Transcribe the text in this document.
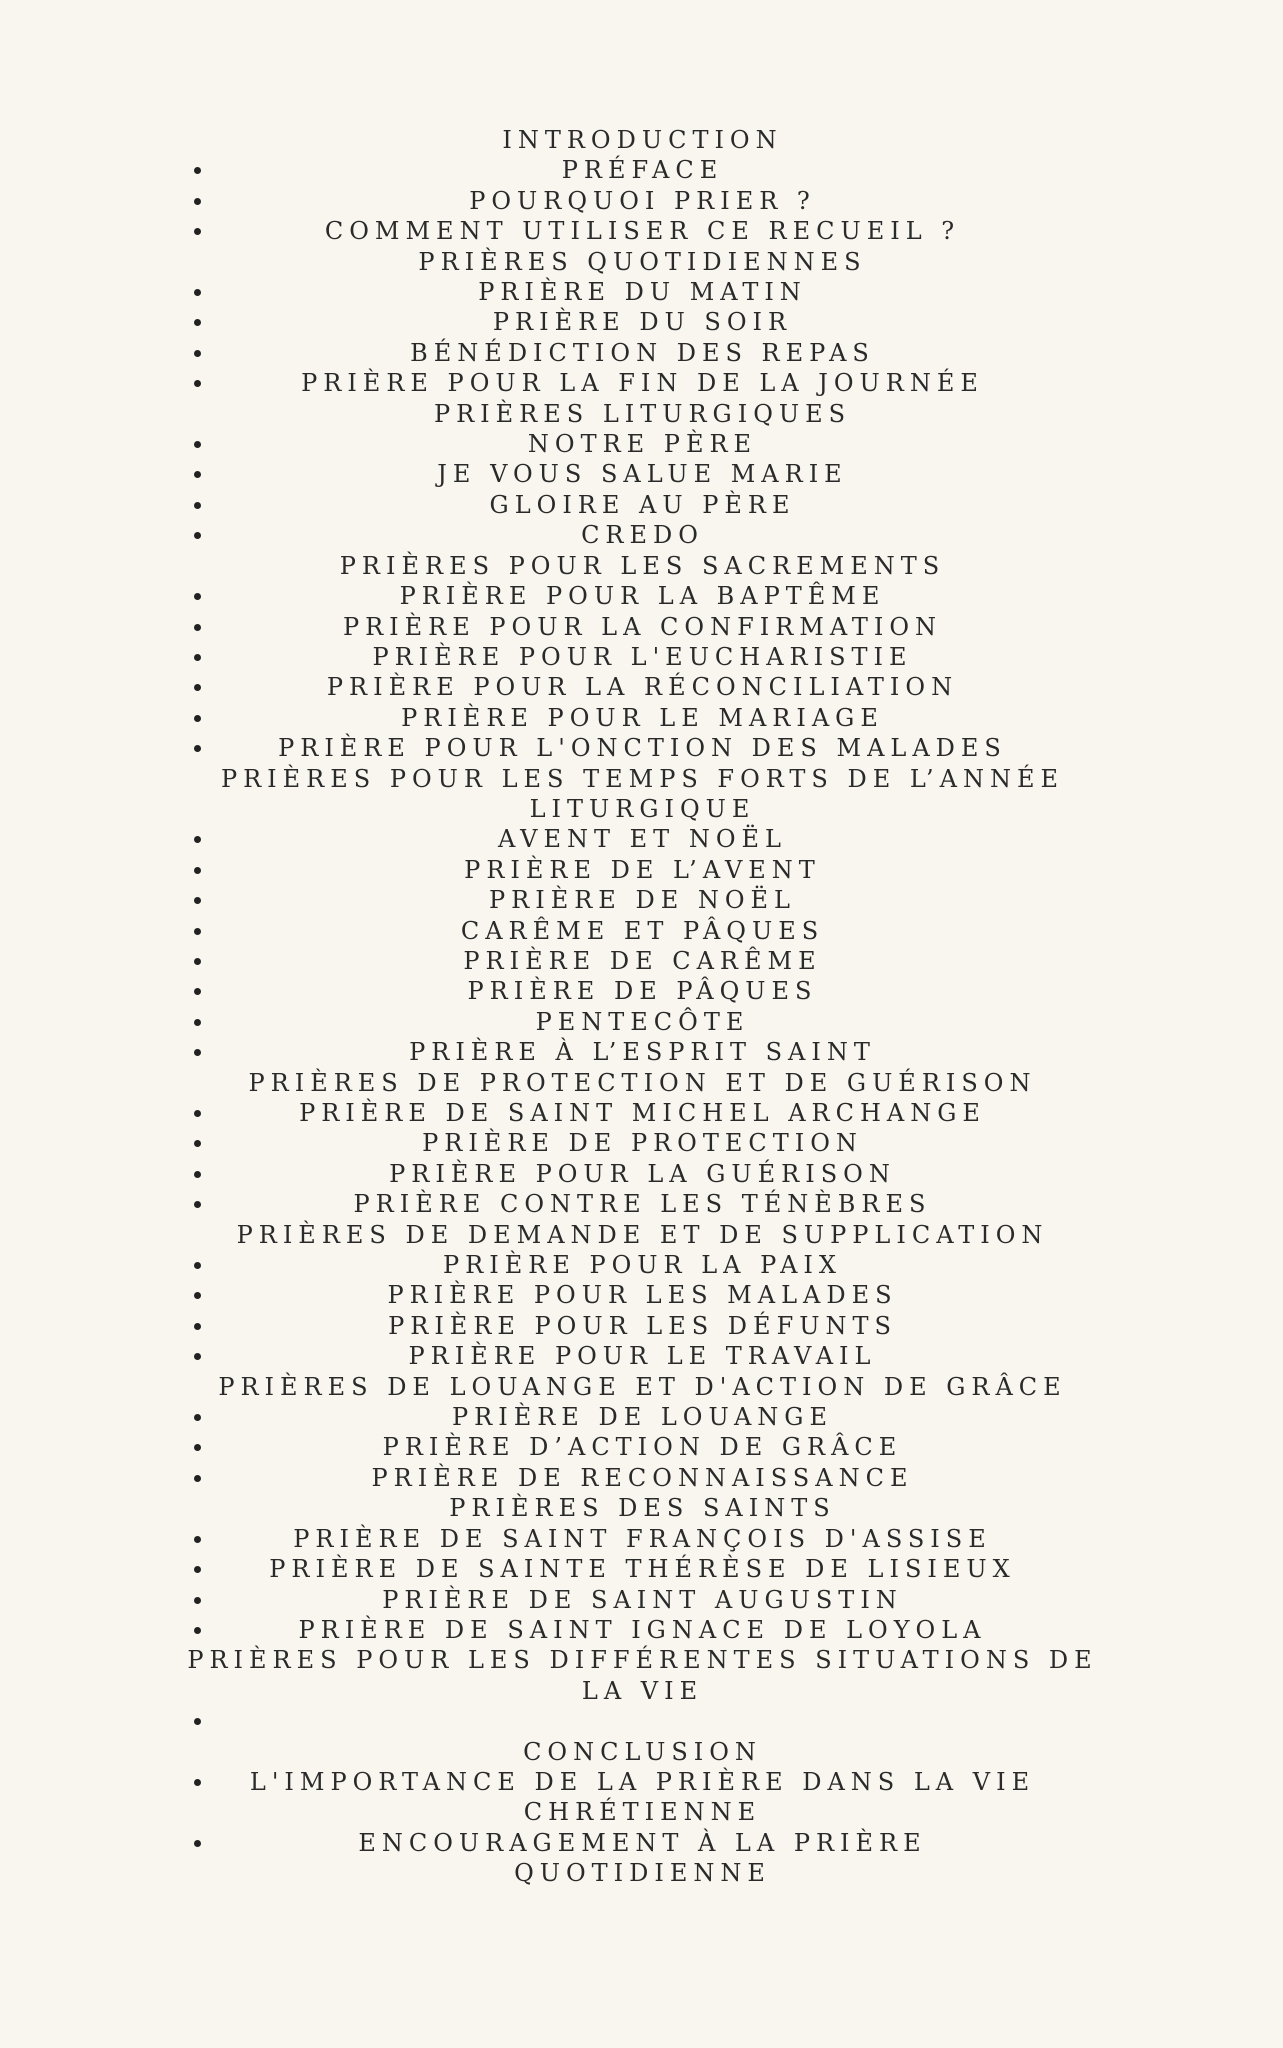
INTRODUCTION
PRÉFACE
POURQUOI PRIER ?
COMMENT UTILISER CE RECUEIL ?
PRIÈRES QUOTIDIENNES
PRIÈRE DU MATIN
PRIÈRE DU SOIR
BÉNÉDICTION DES REPAS
PRIÈRE POUR LA FIN DE LA JOURNÉE
PRIÈRES LITURGIQUES
NOTRE PÈRE
JE VOUS SALUE MARIE
GLOIRE AU PÈRE
CREDO
PRIÈRES POUR LES SACREMENTS
PRIÈRE POUR LA BAPTÊME
PRIÈRE POUR LA CONFIRMATION
PRIÈRE POUR L'EUCHARISTIE
PRIÈRE POUR LA RÉCONCILIATION
PRIÈRE POUR LE MARIAGE
PRIÈRE POUR L'ONCTION DES MALADES
PRIÈRES POUR LES TEMPS FORTS DE L’ANNÉE LITURGIQUE
AVENT ET NOËL
PRIÈRE DE L’AVENT
PRIÈRE DE NOËL
CARÊME ET PÂQUES
PRIÈRE DE CARÊME
PRIÈRE DE PÂQUES
PENTECÔTE
PRIÈRE À L’ESPRIT SAINT
PRIÈRES DE PROTECTION ET DE GUÉRISON
PRIÈRE DE SAINT MICHEL ARCHANGE
PRIÈRE DE PROTECTION
PRIÈRE POUR LA GUÉRISON
PRIÈRE CONTRE LES TÉNÈBRES
PRIÈRES DE DEMANDE ET DE SUPPLICATION
PRIÈRE POUR LA PAIX
PRIÈRE POUR LES MALADES
PRIÈRE POUR LES DÉFUNTS
PRIÈRE POUR LE TRAVAIL
PRIÈRES DE LOUANGE ET D'ACTION DE GRÂCE
PRIÈRE DE LOUANGE
PRIÈRE D’ACTION DE GRÂCE
PRIÈRE DE RECONNAISSANCE
PRIÈRES DES SAINTS
PRIÈRE DE SAINT FRANÇOIS D'ASSISE
PRIÈRE DE SAINTE THÉRÈSE DE LISIEUX
PRIÈRE DE SAINT AUGUSTIN
PRIÈRE DE SAINT IGNACE DE LOYOLA
PRIÈRES POUR LES DIFFÉRENTES SITUATIONS DE LA VIE
CONCLUSION
L'IMPORTANCE DE LA PRIÈRE DANS LA VIE CHRÉTIENNE
ENCOURAGEMENT À LA PRIÈRE QUOTIDIENNE
